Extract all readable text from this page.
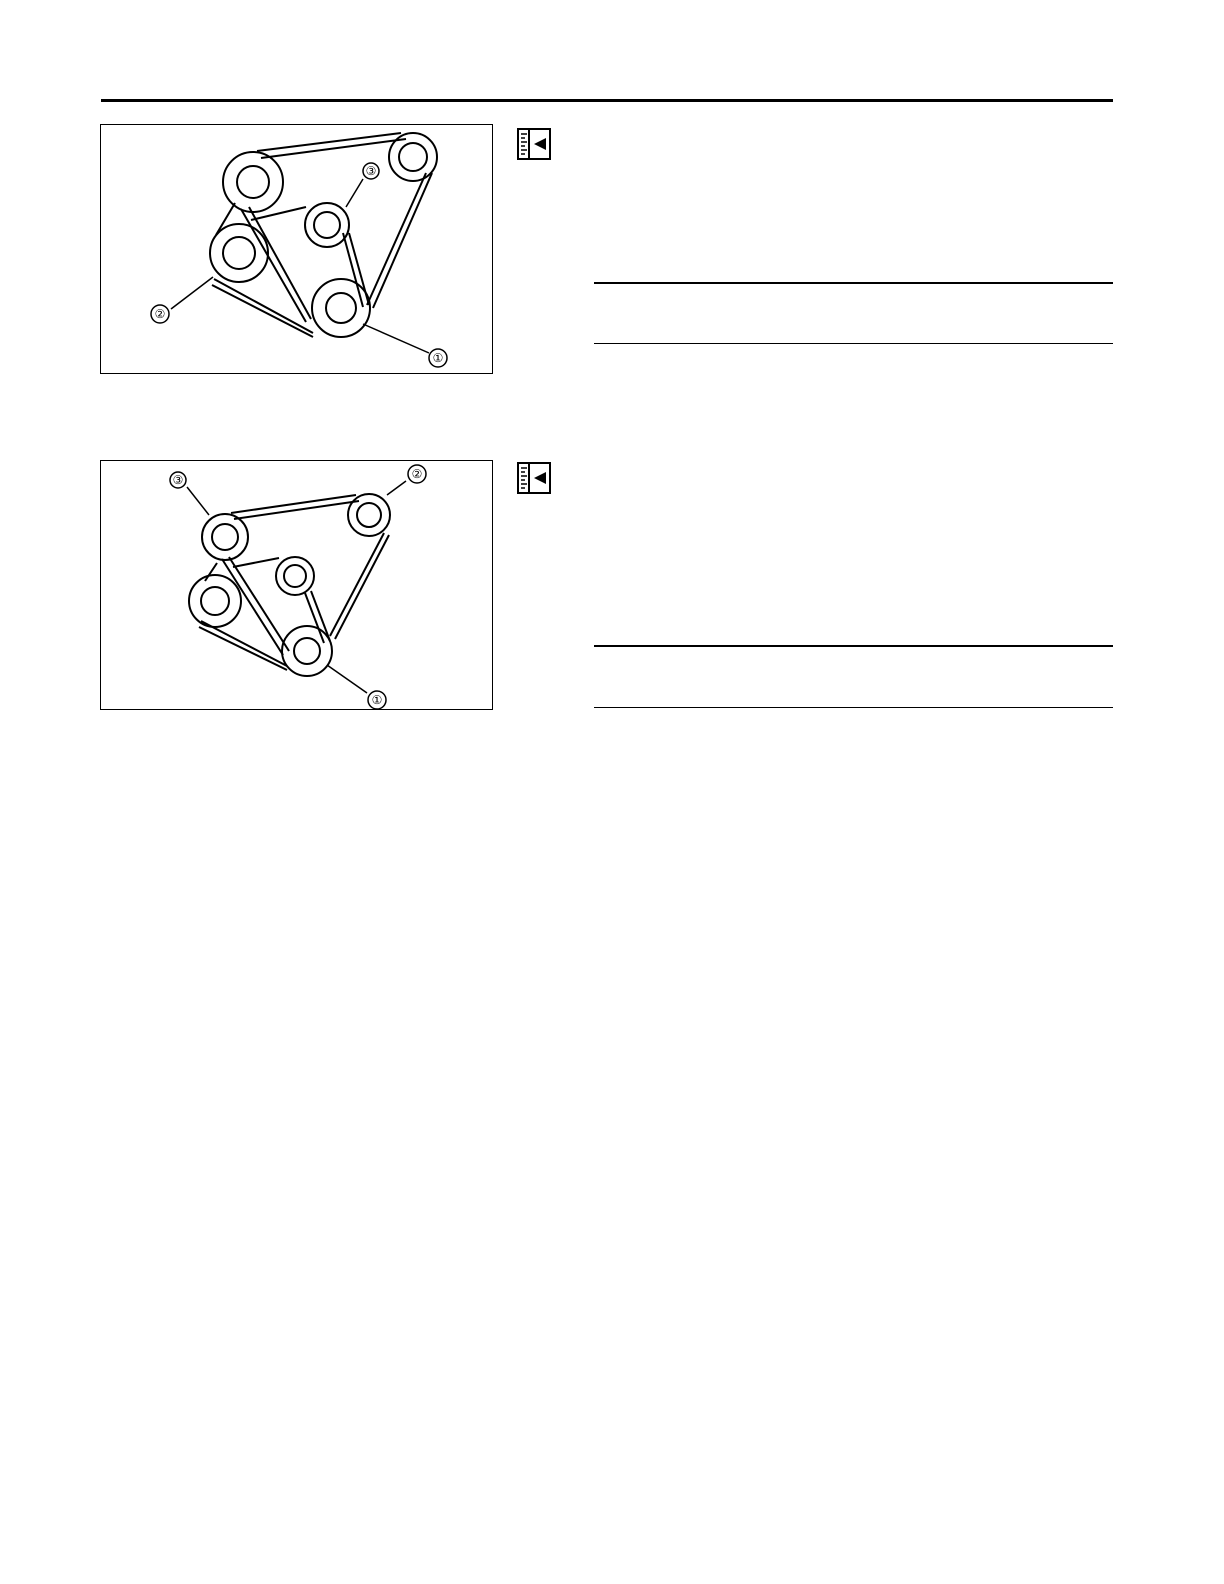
①
②
③
①
②
③
